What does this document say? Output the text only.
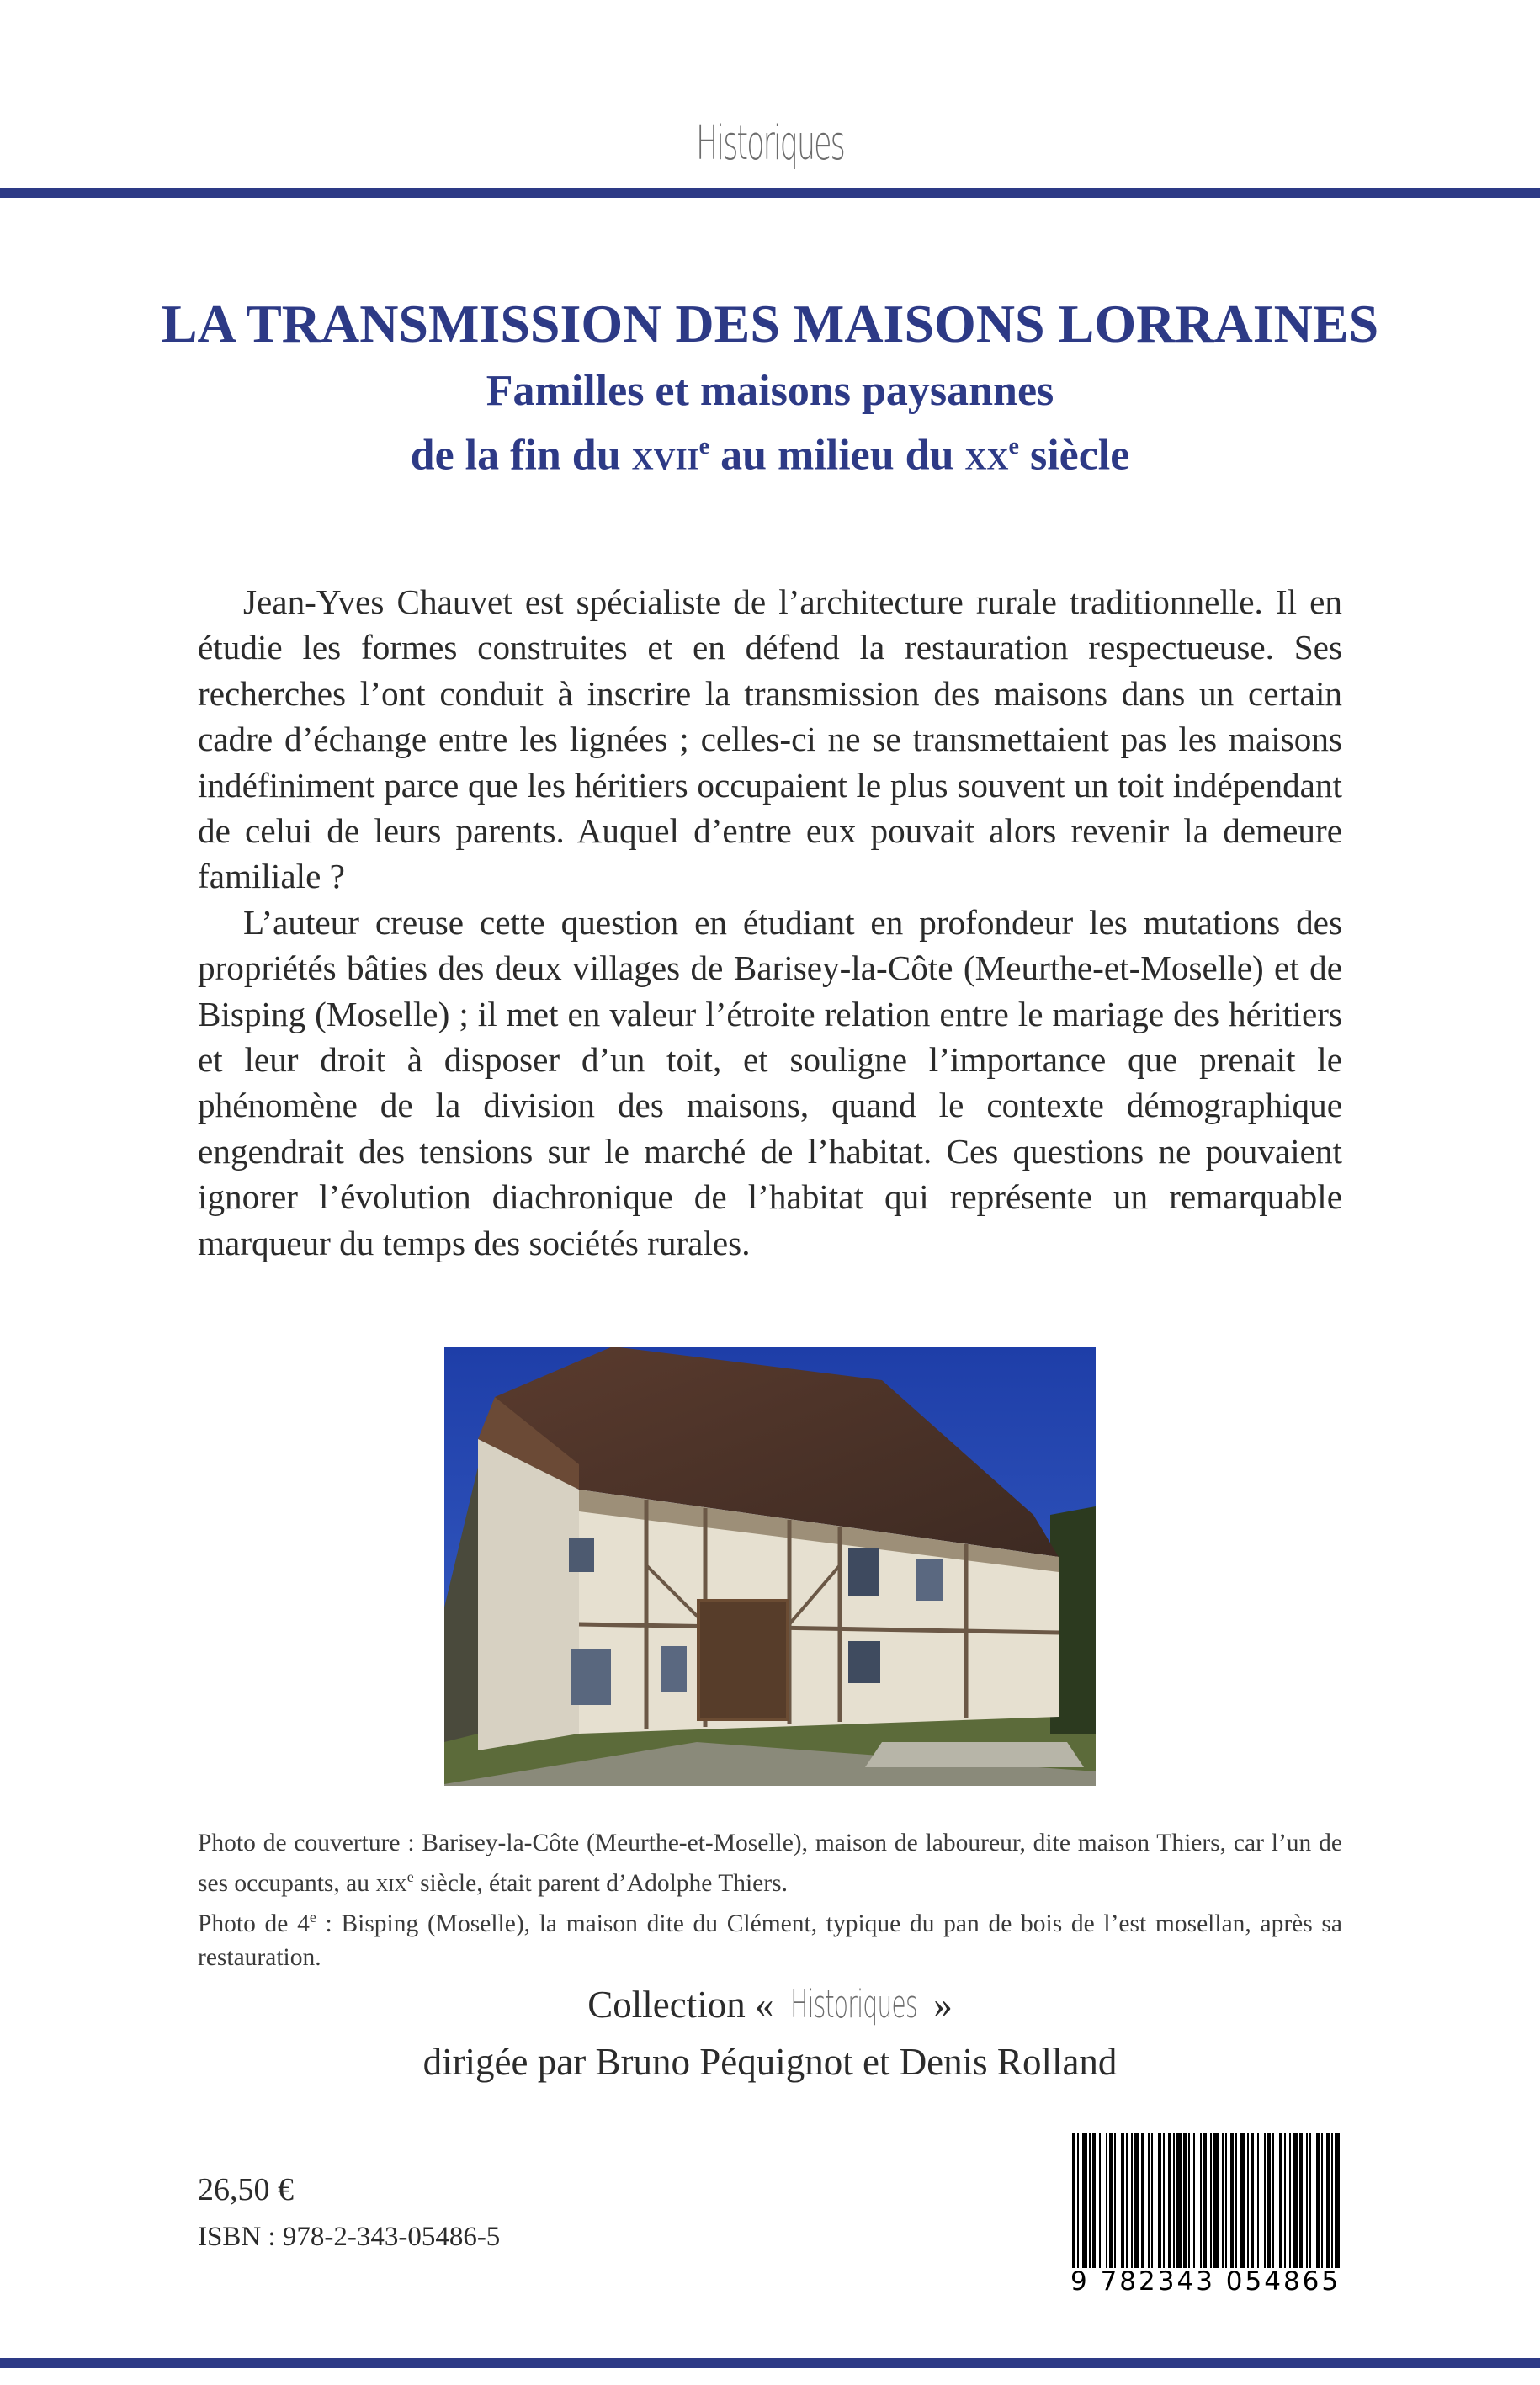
Historiques
LA TRANSMISSION DES MAISONS LORRAINES
Familles et maisons paysannes
de la fin du xvii$^e$ au milieu du $xx^e$ siècle

Jean-Yves Chauvet est spécialiste de l’architecture rurale traditionnelle. Il en étudie les formes construites et en défend la restauration respectueuse. Ses recherches l’ont conduit à inscrire la transmission des maisons dans un certain cadre d’échange entre les lignées ; celles-ci ne se transmettaient pas les maisons indéfiniment parce que les héritiers occupaient le plus souvent un toit indépendant de celui de leurs parents. Auquel d’entre eux pouvait alors revenir la demeure familiale ?

L’auteur creuse cette question en étudiant en profondeur les mutations des propriétés bâties des deux villages de Barisey-la-Côte (Meurthe-et-Moselle) et de Bisping (Moselle) ; il met en valeur l’étroite relation entre le mariage des héritiers et leur droit à disposer d’un toit, et souligne l’importance que prenait le phénomène de la division des maisons, quand le contexte démographique engendrait des tensions sur le marché de l’habitat. Ces questions ne pouvaient ignorer l’évolution diachronique de l’habitat qui représente un remarquable marqueur du temps des sociétés rurales.

Photo de couverture : Barisey-la-Côte (Meurthe-et-Moselle), maison de laboureur, dite maison Thiers, car l’un de ses occupants, au xix$^e$ siècle, était parent d’Adolphe Thiers.

Photo de 4e : Bisping (Moselle), la maison dite du Clément, typique du pan de bois de l’est mosellan, après sa restauration.

Collection « Historiques »
dirigée par Bruno Péquignot et Denis Rolland
26,50 €
ISBN : 978-2-343-05486-5
9 782343 054865
